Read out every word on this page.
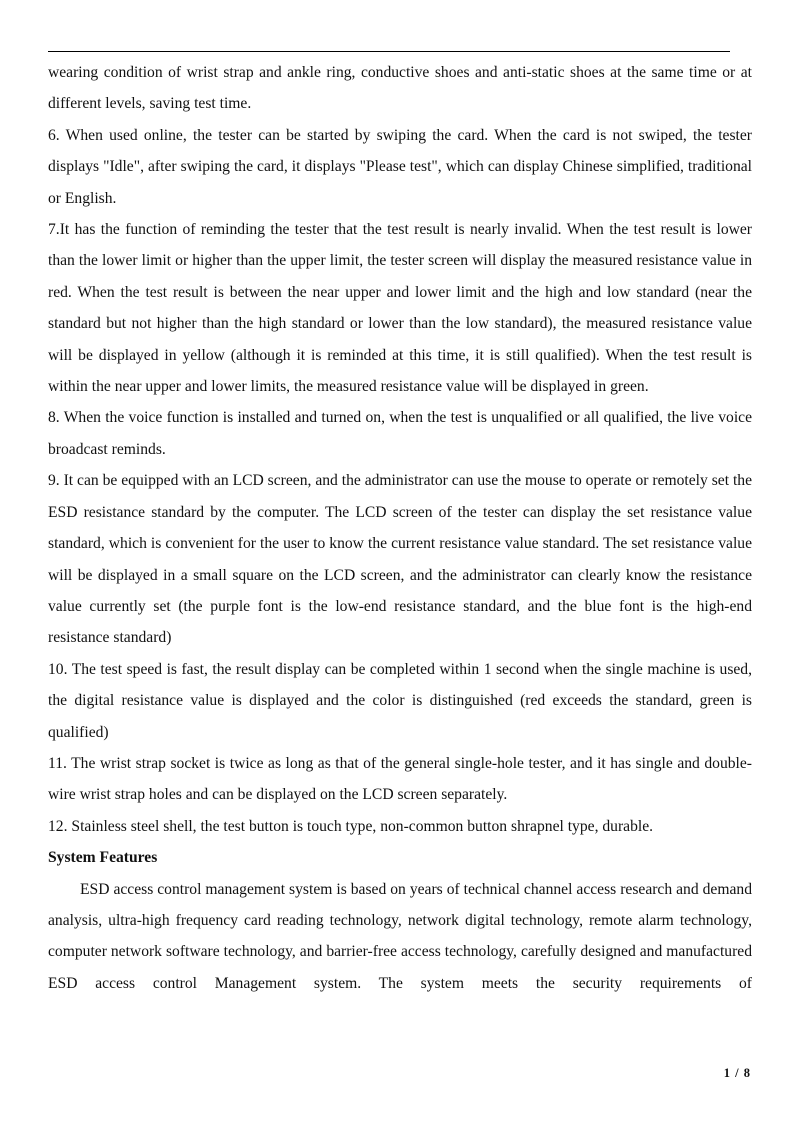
wearing condition of wrist strap and ankle ring, conductive shoes and anti-static shoes at the same time or at different levels, saving test time.

6. When used online, the tester can be started by swiping the card. When the card is not swiped, the tester displays "Idle", after swiping the card, it displays "Please test", which can display Chinese simplified, traditional or English.

7.It has the function of reminding the tester that the test result is nearly invalid. When the test result is lower than the lower limit or higher than the upper limit, the tester screen will display the measured resistance value in red. When the test result is between the near upper and lower limit and the high and low standard (near the standard but not higher than the high standard or lower than the low standard), the measured resistance value will be displayed in yellow (although it is reminded at this time, it is still qualified). When the test result is within the near upper and lower limits, the measured resistance value will be displayed in green.

8. When the voice function is installed and turned on, when the test is unqualified or all qualified, the live voice broadcast reminds.

9. It can be equipped with an LCD screen, and the administrator can use the mouse to operate or remotely set the ESD resistance standard by the computer. The LCD screen of the tester can display the set resistance value standard, which is convenient for the user to know the current resistance value standard. The set resistance value will be displayed in a small square on the LCD screen, and the administrator can clearly know the resistance value currently set (the purple font is the low-end resistance standard, and the blue font is the high-end resistance standard)

10. The test speed is fast, the result display can be completed within 1 second when the single machine is used, the digital resistance value is displayed and the color is distinguished (red exceeds the standard, green is qualified)

11. The wrist strap socket is twice as long as that of the general single-hole tester, and it has single and double-wire wrist strap holes and can be displayed on the LCD screen separately.

12. Stainless steel shell, the test button is touch type, non-common button shrapnel type, durable.

System Features

ESD access control management system is based on years of technical channel access research and demand analysis, ultra-high frequency card reading technology, network digital technology, remote alarm technology, computer network software technology, and barrier-free access technology, carefully designed and manufactured ESD access control Management system. The system meets the security requirements of

1 / 8
